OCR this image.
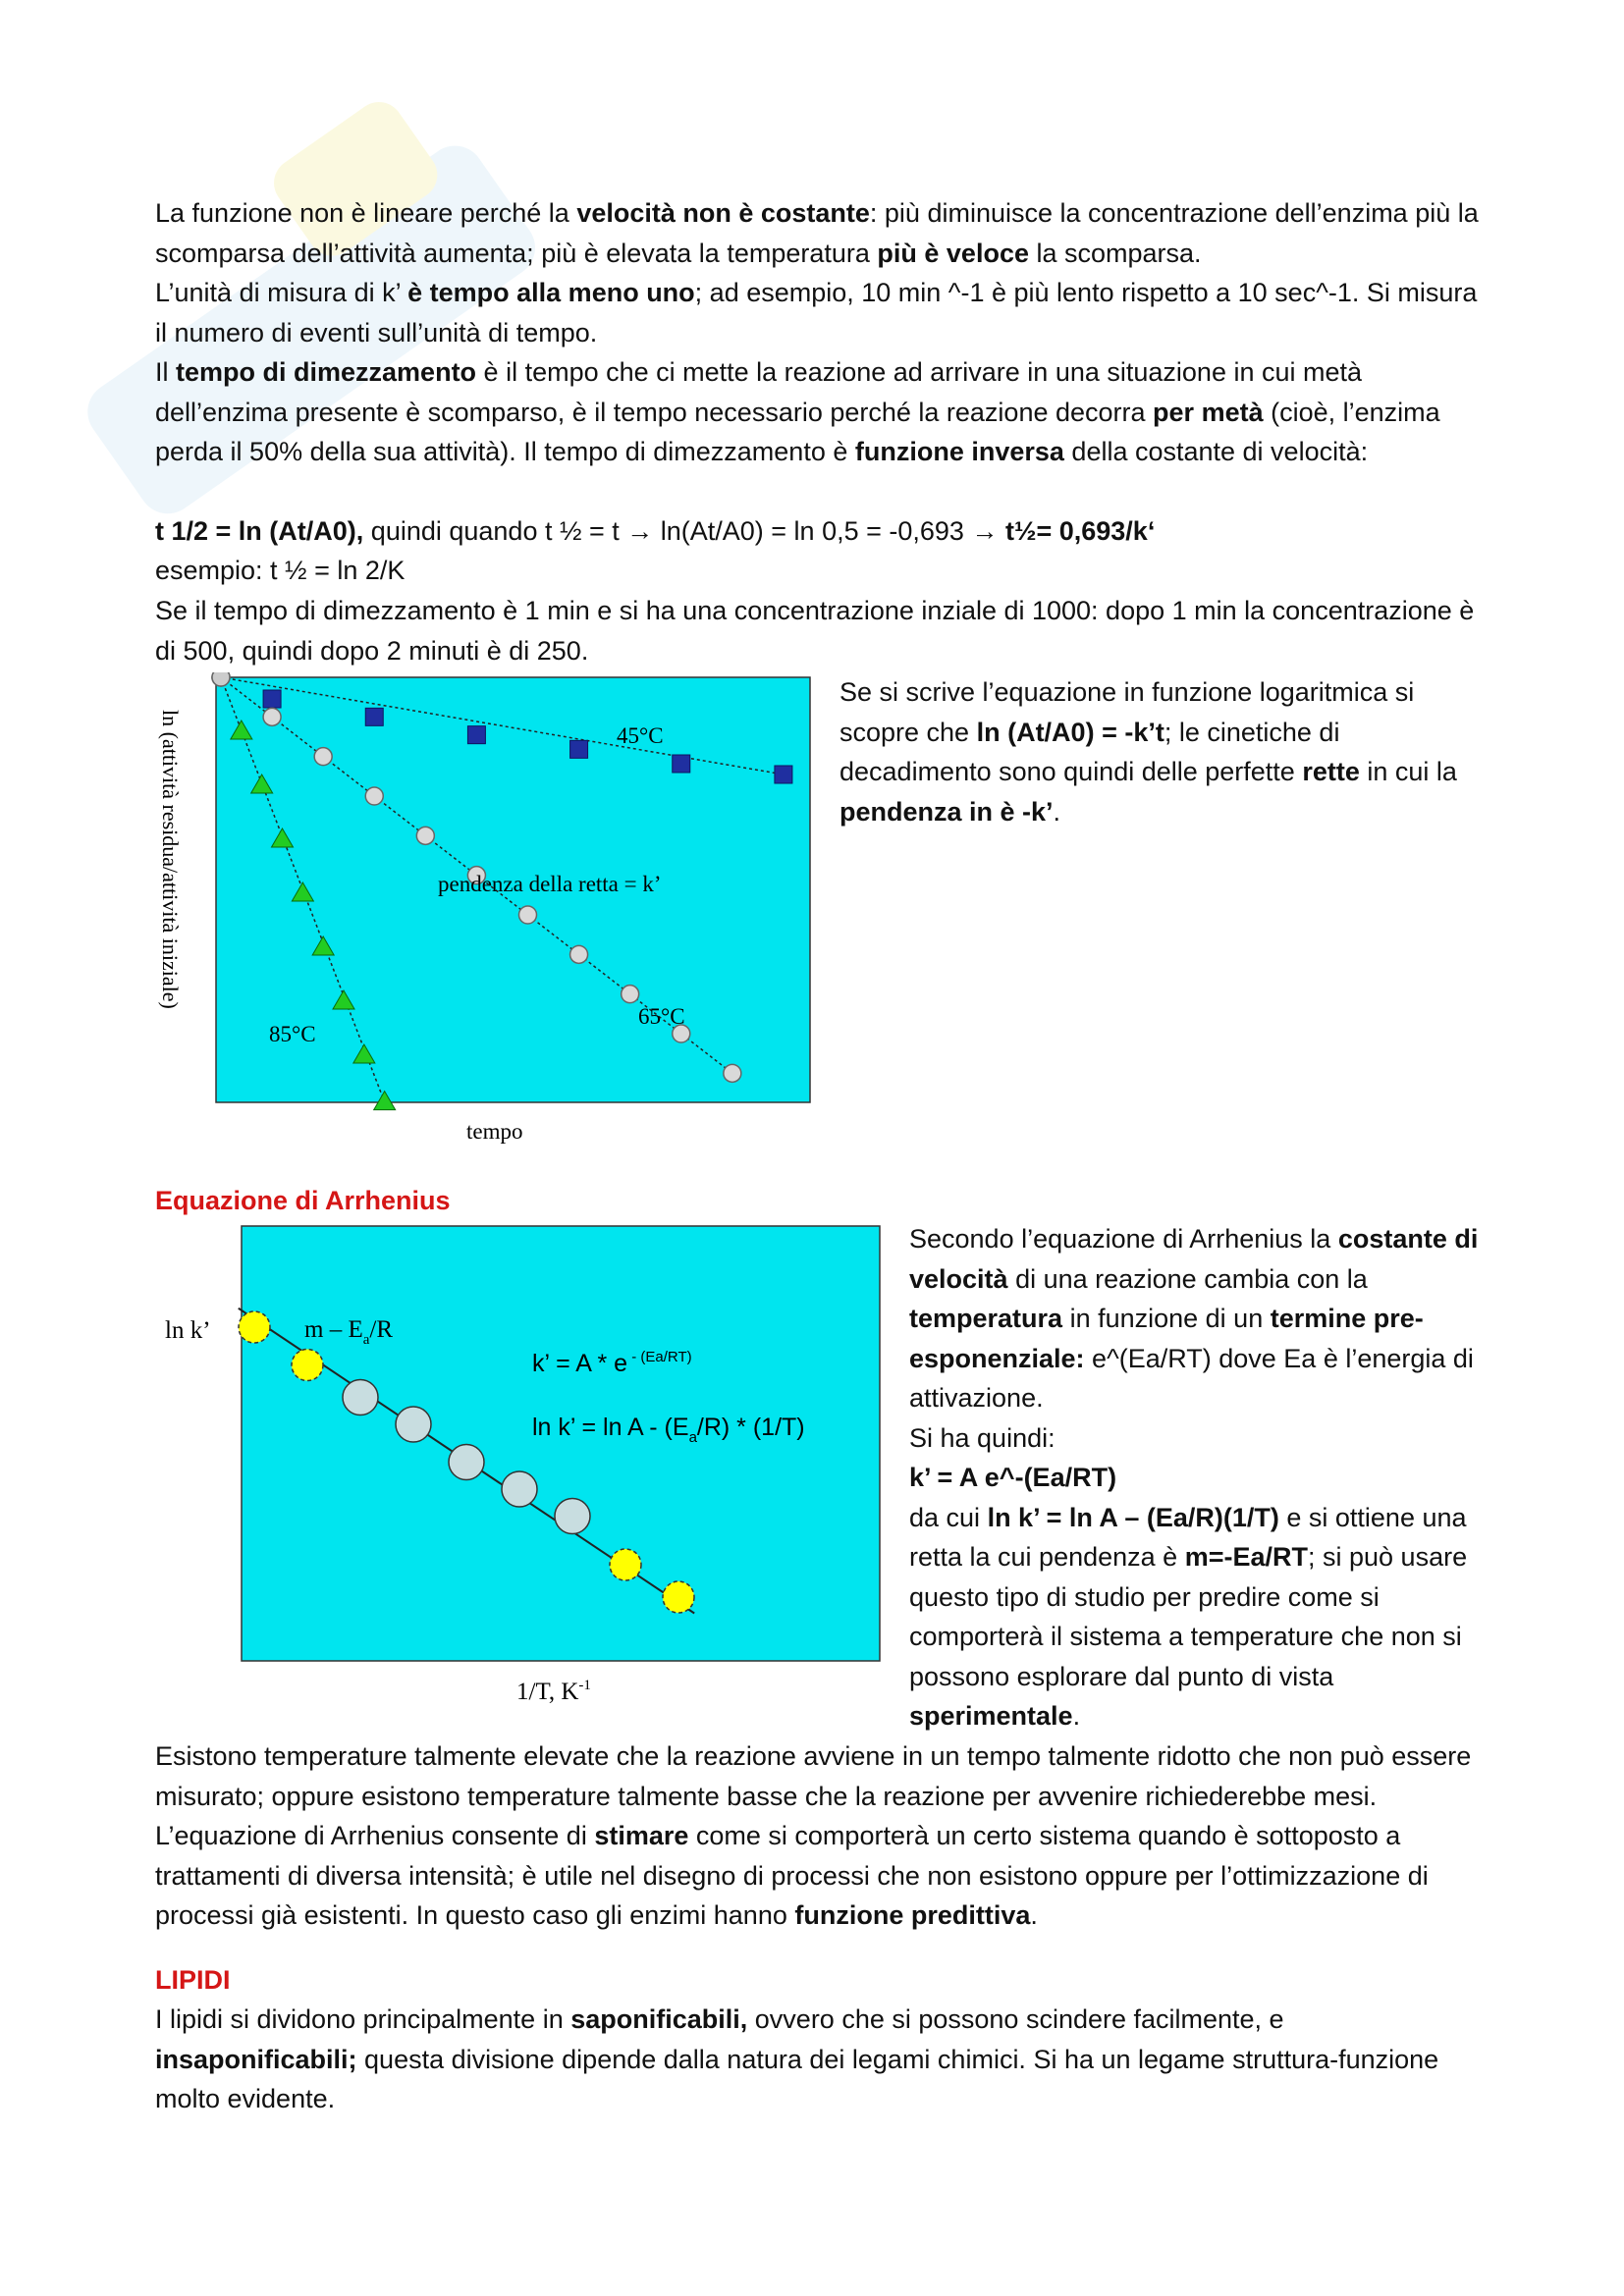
La funzione non è lineare perché la velocità non è costante: più diminuisce la concentrazione dell’enzima più la scomparsa dell’attività aumenta; più è elevata la temperatura più è veloce la scomparsa.

L’unità di misura di k’ è tempo alla meno uno; ad esempio, 10 min ^-1 è più lento rispetto a 10 sec^-1. Si misura il numero di eventi sull’unità di tempo.

Il tempo di dimezzamento è il tempo che ci mette la reazione ad arrivare in una situazione in cui metà dell’enzima presente è scomparso, è il tempo necessario perché la reazione decorra per metà (cioè, l’enzima perda il 50% della sua attività). Il tempo di dimezzamento è funzione inversa della costante di velocità:

t 1/2 = ln (At/A0), quindi quando t ½ = t → ln(At/A0) = ln 0,5 = -0,693 → t½= 0,693/k‘

esempio: t ½ = ln 2/K

Se il tempo di dimezzamento è 1 min e si ha una concentrazione inziale di 1000: dopo 1 min la concentrazione è di 500, quindi dopo 2 minuti è di 250.

ln (attività residua/attività iniziale)
tempo
45°C
65°C
85°C
pendenza della retta = k’

Se si scrive l’equazione in funzione logaritmica si scopre che ln (At/A0) = -k’t; le cinetiche di decadimento sono quindi delle perfette rette in cui la pendenza in è -k’.

Equazione di Arrhenius
ln k’
1/T, $K^{-1}$
m – $E_a/R$
k’ = A * e $^{- (Ea/RT)}$
ln k’ = ln A - $(E_a/R) * (1/T)$

Secondo l’equazione di Arrhenius la costante di velocità di una reazione cambia con la temperatura in funzione di un termine pre-esponenziale: e^(Ea/RT) dove Ea è l’energia di attivazione.
Si ha quindi:
k’ = A e^-(Ea/RT)
da cui ln k’ = ln A – (Ea/R)(1/T) e si ottiene una retta la cui pendenza è m=-Ea/RT; si può usare questo tipo di studio per predire come si comporterà il sistema a temperature che non si possono esplorare dal punto di vista sperimentale.

Esistono temperature talmente elevate che la reazione avviene in un tempo talmente ridotto che non può essere misurato; oppure esistono temperature talmente basse che la reazione per avvenire richiederebbe mesi. L’equazione di Arrhenius consente di stimare come si comporterà un certo sistema quando è sottoposto a trattamenti di diversa intensità; è utile nel disegno di processi che non esistono oppure per l’ottimizzazione di processi già esistenti. In questo caso gli enzimi hanno funzione predittiva.

LIPIDI

I lipidi si dividono principalmente in saponificabili, ovvero che si possono scindere facilmente, e insaponificabili; questa divisione dipende dalla natura dei legami chimici. Si ha un legame struttura-funzione molto evidente.
